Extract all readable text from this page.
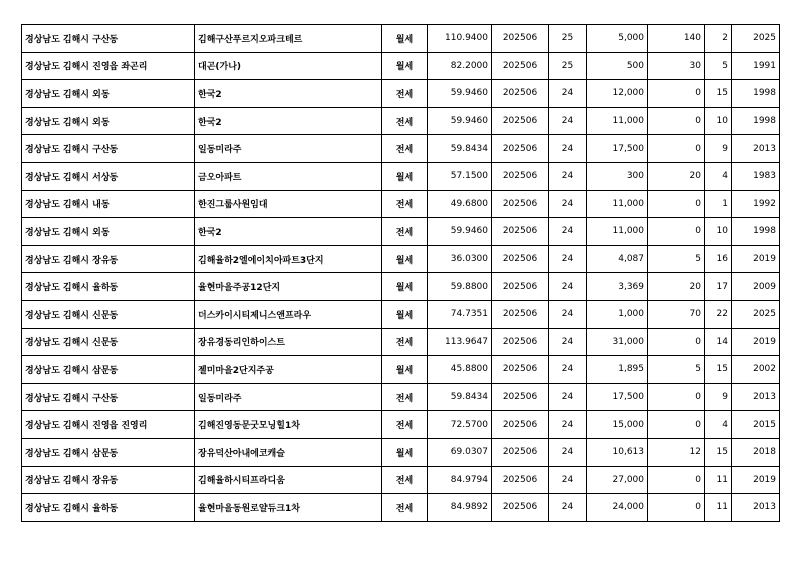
경상남도 김해시 구산동	김해구산푸르지오파크테르	월세	110.9400	202506	25	5,000	140	2	2025
경상남도 김해시 진영읍 좌곤리	대곤(가나)	월세	82.2000	202506	25	500	30	5	1991
경상남도 김해시 외동	한국2	전세	59.9460	202506	24	12,000	0	15	1998
경상남도 김해시 외동	한국2	전세	59.9460	202506	24	11,000	0	10	1998
경상남도 김해시 구산동	일동미라주	전세	59.8434	202506	24	17,500	0	9	2013
경상남도 김해시 서상동	금오아파트	월세	57.1500	202506	24	300	20	4	1983
경상남도 김해시 내동	한진그룹사원임대	전세	49.6800	202506	24	11,000	0	1	1992
경상남도 김해시 외동	한국2	전세	59.9460	202506	24	11,000	0	10	1998
경상남도 김해시 장유동	김해율하2엘에이치아파트3단지	월세	36.0300	202506	24	4,087	5	16	2019
경상남도 김해시 율하동	율현마을주공12단지	월세	59.8800	202506	24	3,369	20	17	2009
경상남도 김해시 신문동	더스카이시티제니스앤프라우	월세	74.7351	202506	24	1,000	70	22	2025
경상남도 김해시 신문동	장유경동리인하이스트	전세	113.9647	202506	24	31,000	0	14	2019
경상남도 김해시 삼문동	젤미마을2단지주공	월세	45.8800	202506	24	1,895	5	15	2002
경상남도 김해시 구산동	일동미라주	전세	59.8434	202506	24	17,500	0	9	2013
경상남도 김해시 진영읍 진영리	김해진영동문굿모닝힐1차	전세	72.5700	202506	24	15,000	0	4	2015
경상남도 김해시 삼문동	장유덕산아내에코캐슬	월세	69.0307	202506	24	10,613	12	15	2018
경상남도 김해시 장유동	김해율하시티프라디움	전세	84.9794	202506	24	27,000	0	11	2019
경상남도 김해시 율하동	율현마을동원로얄듀크1차	전세	84.9892	202506	24	24,000	0	11	2013
